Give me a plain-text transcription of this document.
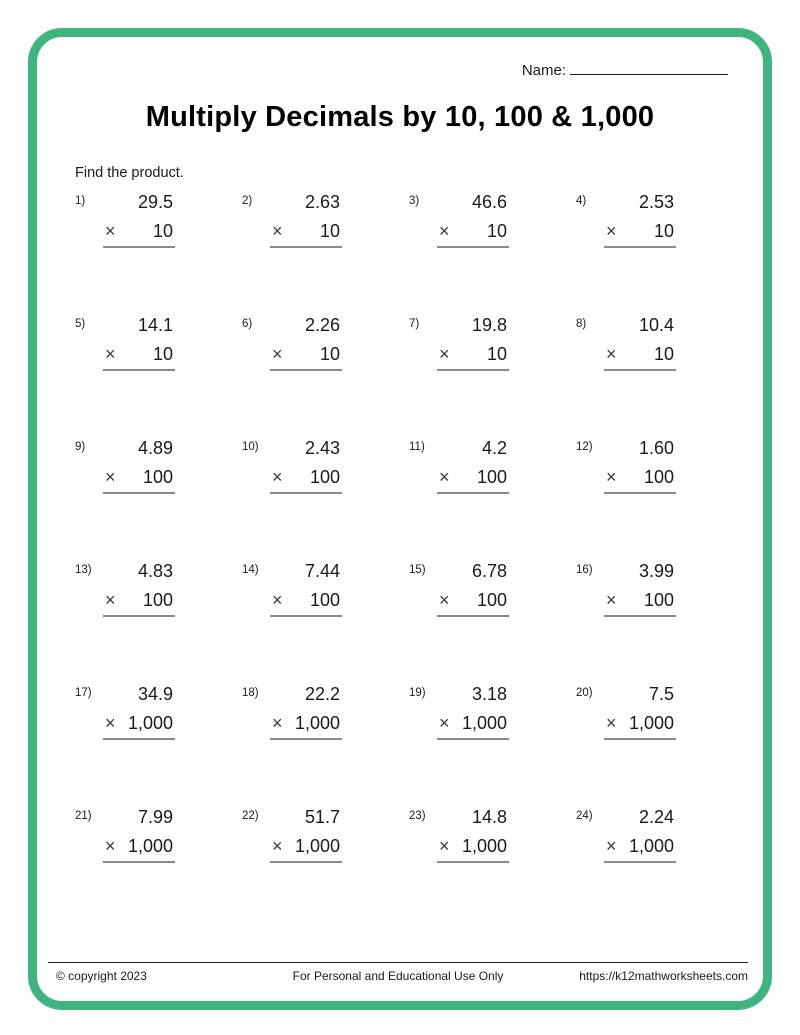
Name:
Multiply Decimals by 10, 100 & 1,000
Find the product.
1)	29.5
× 10
2)	2.63
× 10
3)	46.6
× 10
4)	2.53
× 10
5)	14.1
× 10
6)	2.26
× 10
7)	19.8
× 10
8)	10.4
× 10
9)	4.89
× 100
10)	2.43
× 100
11)	4.2
× 100
12)	1.60
× 100
13)	4.83
× 100
14)	7.44
× 100
15)	6.78
× 100
16)	3.99
× 100
17)	34.9
× 1,000
18)	22.2
× 1,000
19)	3.18
× 1,000
20)	7.5
× 1,000
21)	7.99
× 1,000
22)	51.7
× 1,000
23)	14.8
× 1,000
24)	2.24
× 1,000
© copyright 2023	For Personal and Educational Use Only	https://k12mathworksheets.com
